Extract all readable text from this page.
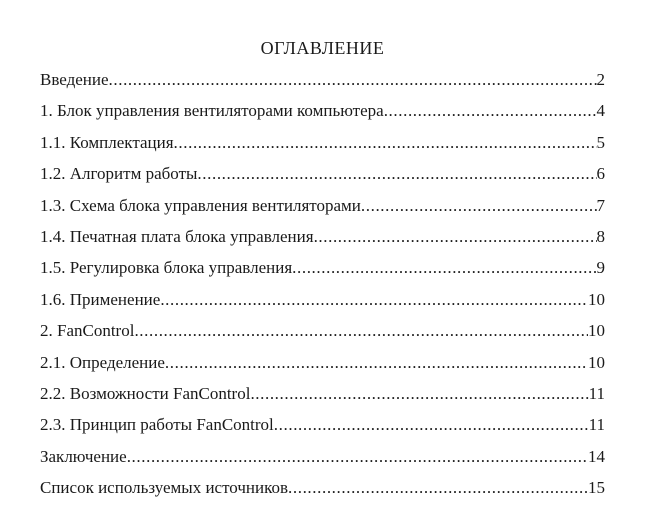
ОГЛАВЛЕНИЕ
Введение .....	2
1. Блок управления вентиляторами компьютера .....	4
1.1. Комплектация .....	5
1.2. Алгоритм работы .....	6
1.3. Схема блока управления вентиляторами .....	7
1.4. Печатная плата блока управления .....	8
1.5. Регулировка блока управления .....	9
1.6. Применение .....	10
2. FanControl .....	10
2.1. Определение .....	10
2.2. Возможности FanControl .....	11
2.3. Принцип работы FanControl .....	11
Заключение .....	14
Список используемых источников .....	15
